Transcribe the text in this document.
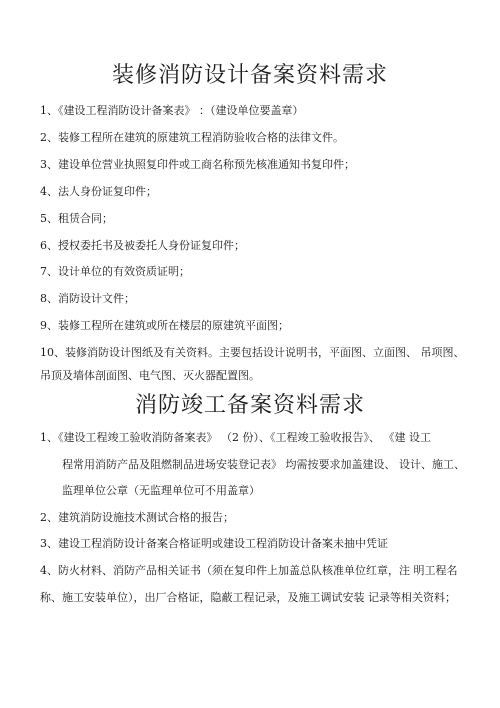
装修消防设计备案资料需求
1、《建设工程消防设计备案表》 ：（建设单位要盖章）
2、装修工程所在建筑的原建筑工程消防验收合格的法律文件。
3、建设单位营业执照复印件或工商名称预先核准通知书复印件；
4、法人身份证复印件；
5、租赁合同；
6、授权委托书及被委托人身份证复印件；
7、设计单位的有效资质证明；
8、消防设计文件；
9、装修工程所在建筑或所在楼层的原建筑平面图；
10、装修消防设计图纸及有关资料。主要包括设计说明书，平面图、立面图、 吊项图、
吊顶及墙体剖面图、电气图、灭火器配置图。
消防竣工备案资料需求
1、《建设工程竣工验收消防备案表》 （2 份）、《工程竣工验收报告》、 《建 设工
程常用消防产品及阻燃制品进场安装登记表》 均需按要求加盖建设、 设计、施工、
监理单位公章（无监理单位可不用盖章）
2、建筑消防设施技术测试合格的报告；
3、建设工程消防设计备案合格证明或建设工程消防设计备案未抽中凭证
4、防火材料、消防产品相关证书（须在复印件上加盖总队核准单位红章，注 明工程名
称、施工安装单位），出厂合格证，隐蔽工程记录，及施工调试安装 记录等相关资料；
